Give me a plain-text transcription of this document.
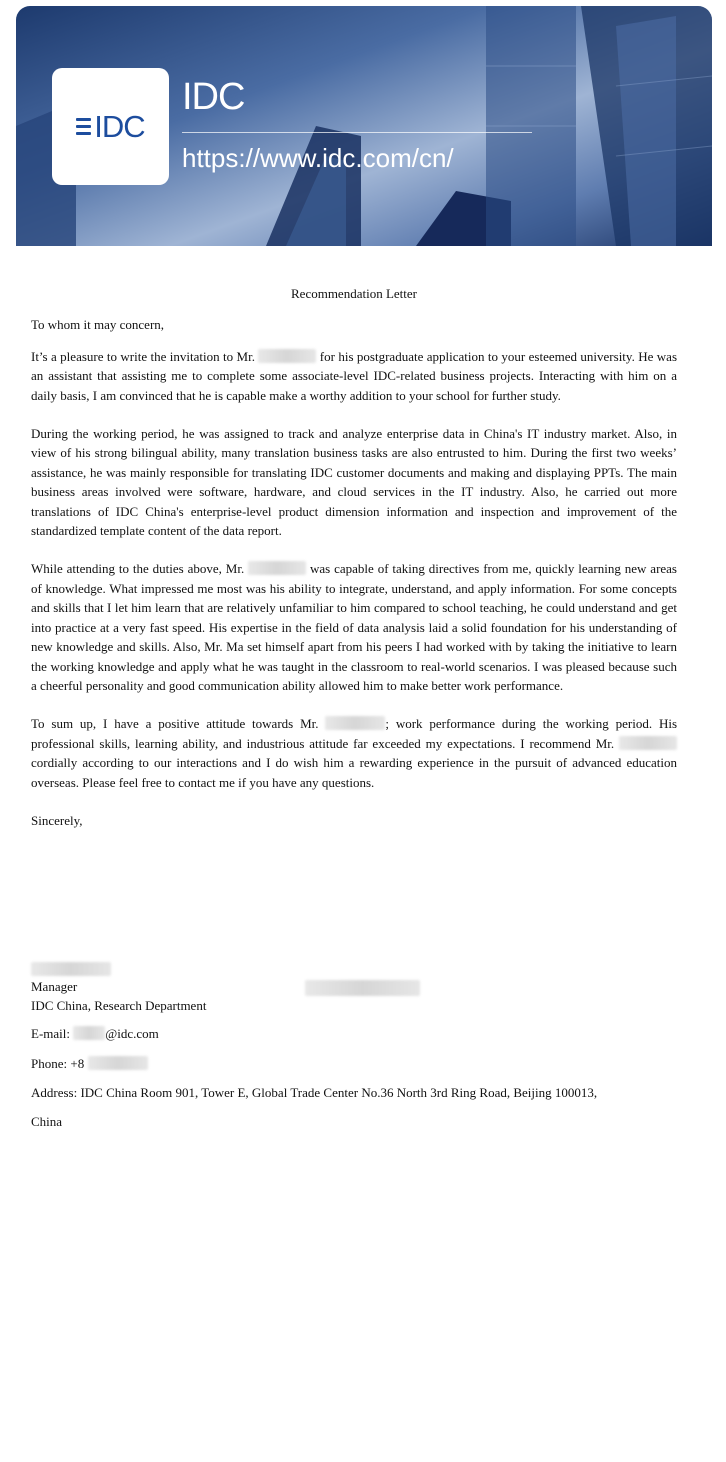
IDC
IDC
https://www.idc.com/cn/
Recommendation Letter
To whom it may concern,

It’s a pleasure to write the invitation to Mr.	for his postgraduate application to your esteemed university. He was an assistant that assisting me to complete some associate-level IDC-related business projects. Interacting with him on a daily basis, I am convinced that he is capable make a worthy addition to your school for further study.

During the working period, he was assigned to track and analyze enterprise data in China's IT industry market. Also, in view of his strong bilingual ability, many translation business tasks are also entrusted to him. During the first two weeks’ assistance, he was mainly responsible for translating IDC customer documents and making and displaying PPTs. The main business areas involved were software, hardware, and cloud services in the IT industry. Also, he carried out more translations of IDC China's enterprise-level product dimension information and inspection and improvement of the standardized template content of the data report.

While attending to the duties above, Mr.	was capable of taking directives from me, quickly learning new areas of knowledge. What impressed me most was his ability to integrate, understand, and apply information. For some concepts and skills that I let him learn that are relatively unfamiliar to him compared to school teaching, he could understand and get into practice at a very fast speed. His expertise in the field of data analysis laid a solid foundation for his understanding of new knowledge and skills. Also, Mr. Ma set himself apart from his peers I had worked with by taking the initiative to learn the working knowledge and apply what he was taught in the classroom to real-world scenarios. I was pleased because such a cheerful personality and good communication ability allowed him to make better work performance.

To sum up, I have a positive attitude towards Mr.	; work performance during the working period. His professional skills, learning ability, and industrious attitude far exceeded my expectations. I recommend Mr.  cordially according to our interactions and I do wish him a rewarding experience in the pursuit of advanced education overseas. Please feel free to contact me if you have any questions.

Sincerely,
Manager
IDC China, Research Department
E-mail:	@idc.com
Phone: +8
Address: IDC China Room 901, Tower E, Global Trade Center No.36 North 3rd Ring Road, Beijing 100013,
China
